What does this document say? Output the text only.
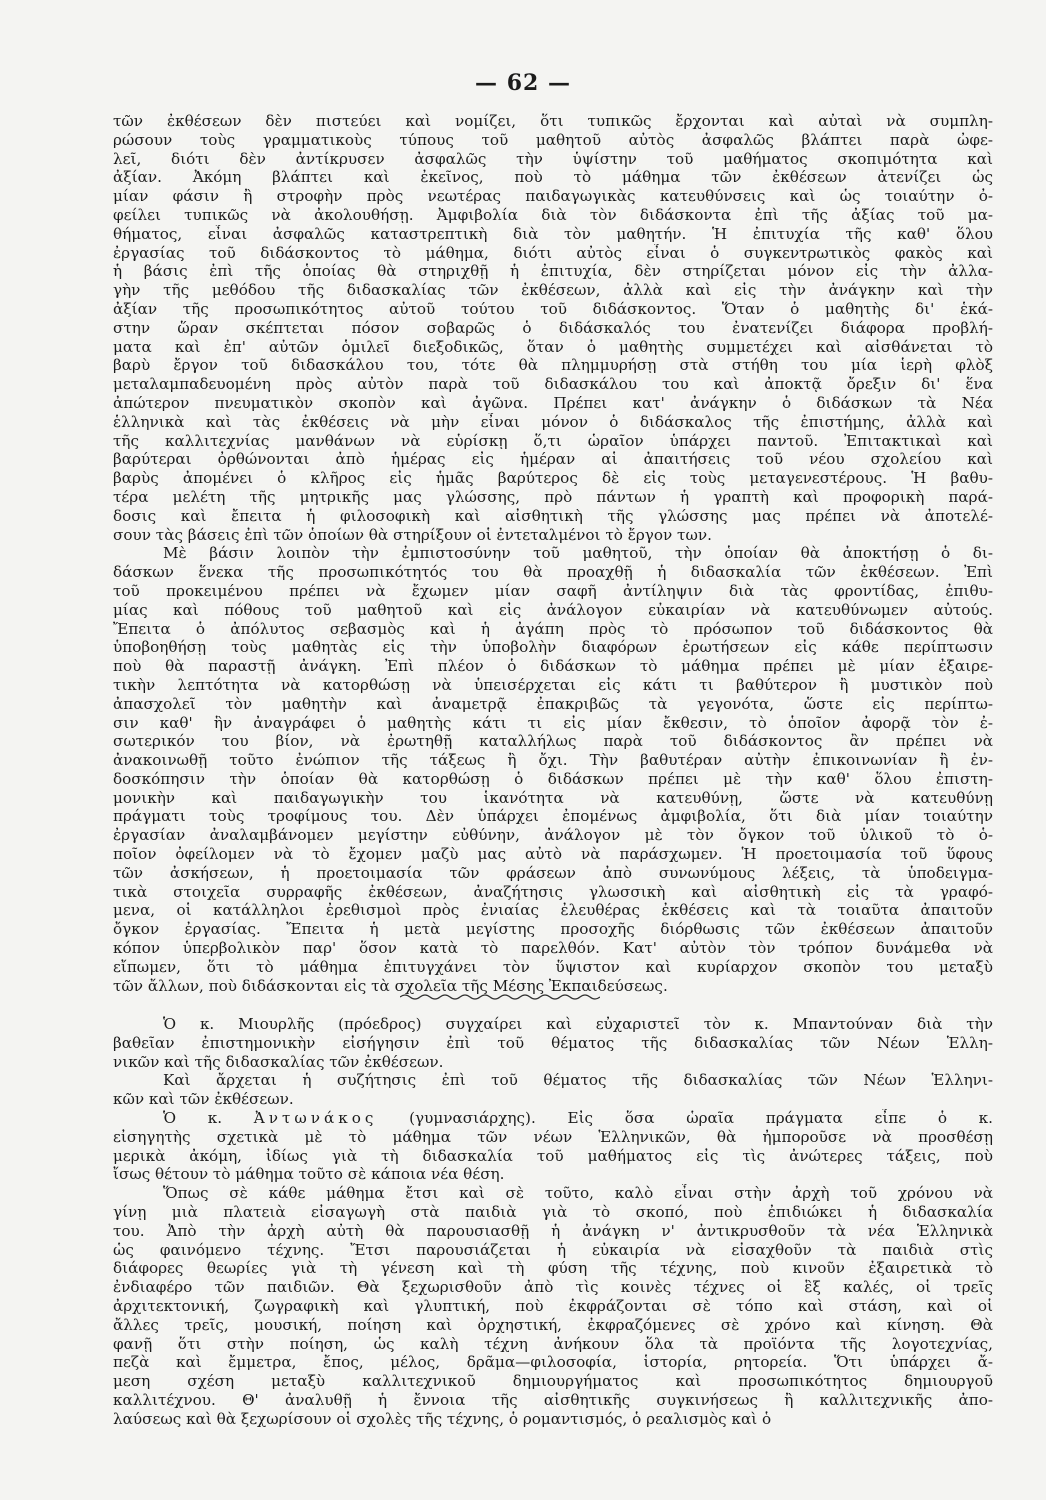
— 62 —
τῶν ἐκθέσεων δὲν πιστεύει καὶ νομίζει, ὅτι τυπικῶς ἔρχονται καὶ αὐταὶ νὰ συμπλη-
ρώσουν τοὺς γραμματικοὺς τύπους τοῦ μαθητοῦ αὐτὸς ἀσφαλῶς βλάπτει παρὰ ὠφε-
λεῖ, διότι δὲν ἀντίκρυσεν ἀσφαλῶς τὴν ὑψίστην τοῦ μαθήματος σκοπιμότητα καὶ
ἀξίαν. Ἀκόμη βλάπτει καὶ ἐκεῖνος, ποὺ τὸ μάθημα τῶν ἐκθέσεων ἀτενίζει ὡς
μίαν φάσιν ἢ στροφὴν πρὸς νεωτέρας παιδαγωγικὰς κατευθύνσεις καὶ ὡς τοιαύτην ὀ-
φείλει τυπικῶς νὰ ἀκολουθήσῃ. Ἀμφιβολία διὰ τὸν διδάσκοντα ἐπὶ τῆς ἀξίας τοῦ μα-
θήματος, εἶναι ἀσφαλῶς καταστρεπτικὴ διὰ τὸν μαθητήν. Ἡ ἐπιτυχία τῆς καθ' ὅλου
ἐργασίας τοῦ διδάσκοντος τὸ μάθημα, διότι αὐτὸς εἶναι ὁ συγκεντρωτικὸς φακὸς καὶ
ἡ βάσις ἐπὶ τῆς ὁποίας θὰ στηριχθῇ ἡ ἐπιτυχία, δὲν στηρίζεται μόνον εἰς τὴν ἀλλα-
γὴν τῆς μεθόδου τῆς διδασκαλίας τῶν ἐκθέσεων, ἀλλὰ καὶ εἰς τὴν ἀνάγκην καὶ τὴν
ἀξίαν τῆς προσωπικότητος αὐτοῦ τούτου τοῦ διδάσκοντος. Ὅταν ὁ μαθητὴς δι' ἑκά-
στην ὥραν σκέπτεται πόσον σοβαρῶς ὁ διδάσκαλός του ἐνατενίζει διάφορα προβλή-
ματα καὶ ἐπ' αὐτῶν ὁμιλεῖ διεξοδικῶς, ὅταν ὁ μαθητὴς συμμετέχει καὶ αἰσθάνεται τὸ
βαρὺ ἔργον τοῦ διδασκάλου του, τότε θὰ πλημμυρήσῃ στὰ στήθη του μία ἱερὴ φλὸξ
μεταλαμπαδευομένη πρὸς αὐτὸν παρὰ τοῦ διδασκάλου του καὶ ἀποκτᾷ ὄρεξιν δι' ἕνα
ἀπώτερον πνευματικὸν σκοπὸν καὶ ἀγῶνα. Πρέπει κατ' ἀνάγκην ὁ διδάσκων τὰ Νέα
ἑλληνικὰ καὶ τὰς ἐκθέσεις νὰ μὴν εἶναι μόνον ὁ διδάσκαλος τῆς ἐπιστήμης, ἀλλὰ καὶ
τῆς καλλιτεχνίας μανθάνων νὰ εὑρίσκῃ ὅ,τι ὡραῖον ὑπάρχει παντοῦ. Ἐπιτακτικαὶ καὶ
βαρύτεραι ὀρθώνονται ἀπὸ ἡμέρας εἰς ἡμέραν αἱ ἀπαιτήσεις τοῦ νέου σχολείου καὶ
βαρὺς ἀπομένει ὁ κλῆρος εἰς ἡμᾶς βαρύτερος δὲ εἰς τοὺς μεταγενεστέρους. Ἡ βαθυ-
τέρα μελέτη τῆς μητρικῆς μας γλώσσης, πρὸ πάντων ἡ γραπτὴ καὶ προφορικὴ παρά-
δοσις καὶ ἔπειτα ἡ φιλοσοφικὴ καὶ αἰσθητικὴ τῆς γλώσσης μας πρέπει νὰ ἀποτελέ-
σουν τὰς βάσεις ἐπὶ τῶν ὁποίων θὰ στηρίξουν οἱ ἐντεταλμένοι τὸ ἔργον των.
Μὲ βάσιν λοιπὸν τὴν ἐμπιστοσύνην τοῦ μαθητοῦ, τὴν ὁποίαν θὰ ἀποκτήσῃ ὁ δι-
δάσκων ἕνεκα τῆς προσωπικότητός του θὰ προαχθῇ ἡ διδασκαλία τῶν ἐκθέσεων. Ἐπὶ
τοῦ προκειμένου πρέπει νὰ ἔχωμεν μίαν σαφῆ ἀντίληψιν διὰ τὰς φροντίδας, ἐπιθυ-
μίας καὶ πόθους τοῦ μαθητοῦ καὶ εἰς ἀνάλογον εὐκαιρίαν νὰ κατευθύνωμεν αὐτούς.
Ἔπειτα ὁ ἀπόλυτος σεβασμὸς καὶ ἡ ἀγάπη πρὸς τὸ πρόσωπον τοῦ διδάσκοντος θὰ
ὑποβοηθήσῃ τοὺς μαθητὰς εἰς τὴν ὑποβολὴν διαφόρων ἐρωτήσεων εἰς κάθε περίπτωσιν
ποὺ θὰ παραστῇ ἀνάγκη. Ἐπὶ πλέον ὁ διδάσκων τὸ μάθημα πρέπει μὲ μίαν ἐξαιρε-
τικὴν λεπτότητα νὰ κατορθώσῃ νὰ ὑπεισέρχεται εἰς κάτι τι βαθύτερον ἢ μυστικὸν ποὺ
ἀπασχολεῖ τὸν μαθητὴν καὶ ἀναμετρᾷ ἐπακριβῶς τὰ γεγονότα, ὥστε εἰς περίπτω-
σιν καθ' ἣν ἀναγράφει ὁ μαθητὴς κάτι τι εἰς μίαν ἔκθεσιν, τὸ ὁποῖον ἀφορᾷ τὸν ἐ-
σωτερικόν του βίον, νὰ ἐρωτηθῇ καταλλήλως παρὰ τοῦ διδάσκοντος ἂν πρέπει νὰ
ἀνακοινωθῇ τοῦτο ἐνώπιον τῆς τάξεως ἢ ὄχι. Τὴν βαθυτέραν αὐτὴν ἐπικοινωνίαν ἢ ἐν-
δοσκόπησιν τὴν ὁποίαν θὰ κατορθώσῃ ὁ διδάσκων πρέπει μὲ τὴν καθ' ὅλου ἐπιστη-
μονικὴν καὶ παιδαγωγικὴν του ἱκανότητα νὰ κατευθύνῃ, ὥστε νὰ κατευθύνῃ
πράγματι τοὺς τροφίμους του. Δὲν ὑπάρχει ἐπομένως ἀμφιβολία, ὅτι διὰ μίαν τοιαύτην
ἐργασίαν ἀναλαμβάνομεν μεγίστην εὐθύνην, ἀνάλογον μὲ τὸν ὄγκον τοῦ ὑλικοῦ τὸ ὁ-
ποῖον ὀφείλομεν νὰ τὸ ἔχομεν μαζὺ μας αὐτὸ νὰ παράσχωμεν. Ἡ προετοιμασία τοῦ ὕφους
τῶν ἀσκήσεων, ἡ προετοιμασία τῶν φράσεων ἀπὸ συνωνύμους λέξεις, τὰ ὑποδειγμα-
τικὰ στοιχεῖα συρραφῆς ἐκθέσεων, ἀναζήτησις γλωσσικὴ καὶ αἰσθητικὴ εἰς τὰ γραφό-
μενα, οἱ κατάλληλοι ἐρεθισμοὶ πρὸς ἐνιαίας ἐλευθέρας ἐκθέσεις καὶ τὰ τοιαῦτα ἀπαιτοῦν
ὄγκον ἐργασίας. Ἔπειτα ἡ μετὰ μεγίστης προσοχῆς διόρθωσις τῶν ἐκθέσεων ἀπαιτοῦν
κόπον ὑπερβολικὸν παρ' ὅσον κατὰ τὸ παρελθόν. Κατ' αὐτὸν τὸν τρόπον δυνάμεθα νὰ
εἴπωμεν, ὅτι τὸ μάθημα ἐπιτυγχάνει τὸν ὕψιστον καὶ κυρίαρχον σκοπὸν του μεταξὺ
τῶν ἄλλων, ποὺ διδάσκονται εἰς τὰ σχολεῖα τῆς Μέσης Ἐκπαιδεύσεως.
Ὁ κ. Μιουρλῆς (πρόεδρος) συγχαίρει καὶ εὐχαριστεῖ τὸν κ. Μπαντούναν διὰ τὴν
βαθεῖαν ἐπιστημονικὴν εἰσήγησιν ἐπὶ τοῦ θέματος τῆς διδασκαλίας τῶν Νέων Ἑλλη-
νικῶν καὶ τῆς διδασκαλίας τῶν ἐκθέσεων.
Καὶ ἄρχεται ἡ συζήτησις ἐπὶ τοῦ θέματος τῆς διδασκαλίας τῶν Νέων Ἑλληνι-
κῶν καὶ τῶν ἐκθέσεων.
Ὁ κ. Ἀντωνάκος (γυμνασιάρχης). Εἰς ὅσα ὡραῖα πράγματα εἶπε ὁ κ.
εἰσηγητὴς σχετικὰ μὲ τὸ μάθημα τῶν νέων Ἑλληνικῶν, θὰ ἠμποροῦσε νὰ προσθέσῃ
μερικὰ ἀκόμη, ἰδίως γιὰ τὴ διδασκαλία τοῦ μαθήματος εἰς τὶς ἀνώτερες τάξεις, ποὺ
ἴσως θέτουν τὸ μάθημα τοῦτο σὲ κάποια νέα θέση.
Ὅπως σὲ κάθε μάθημα ἔτσι καὶ σὲ τοῦτο, καλὸ εἶναι στὴν ἀρχὴ τοῦ χρόνου νὰ
γίνῃ μιὰ πλατειὰ εἰσαγωγὴ στὰ παιδιὰ γιὰ τὸ σκοπό, ποὺ ἐπιδιώκει ἡ διδασκαλία
του. Ἀπὸ τὴν ἀρχὴ αὐτὴ θὰ παρουσιασθῇ ἡ ἀνάγκη ν' ἀντικρυσθοῦν τὰ νέα Ἑλληνικὰ
ὡς φαινόμενο τέχνης. Ἔτσι παρουσιάζεται ἡ εὐκαιρία νὰ εἰσαχθοῦν τὰ παιδιὰ στὶς
διάφορες θεωρίες γιὰ τὴ γένεση καὶ τὴ φύση τῆς τέχνης, ποὺ κινοῦν ἐξαιρετικὰ τὸ
ἐνδιαφέρο τῶν παιδιῶν. Θὰ ξεχωρισθοῦν ἀπὸ τὶς κοινὲς τέχνες οἱ ἓξ καλές, οἱ τρεῖς
ἀρχιτεκτονική, ζωγραφικὴ καὶ γλυπτική, ποὺ ἐκφράζονται σὲ τόπο καὶ στάση, καὶ οἱ
ἄλλες τρεῖς, μουσική, ποίηση καὶ ὀρχηστική, ἐκφραζόμενες σὲ χρόνο καὶ κίνηση. Θὰ
φανῇ ὅτι στὴν ποίηση, ὡς καλὴ τέχνη ἀνήκουν ὅλα τὰ προϊόντα τῆς λογοτεχνίας,
πεζὰ καὶ ἔμμετρα, ἔπος, μέλος, δρᾶμα—φιλοσοφία, ἱστορία, ρητορεία. Ὅτι ὑπάρχει ἄ-
μεση σχέση μεταξὺ καλλιτεχνικοῦ δημιουργήματος καὶ προσωπικότητος δημιουργοῦ
καλλιτέχνου. Θ' ἀναλυθῇ ἡ ἔννοια τῆς αἰσθητικῆς συγκινήσεως ἢ καλλιτεχνικῆς ἀπο-
λαύσεως καὶ θὰ ξεχωρίσουν οἱ σχολὲς τῆς τέχνης, ὁ ρομαντισμός, ὁ ρεαλισμὸς καὶ ὁ
